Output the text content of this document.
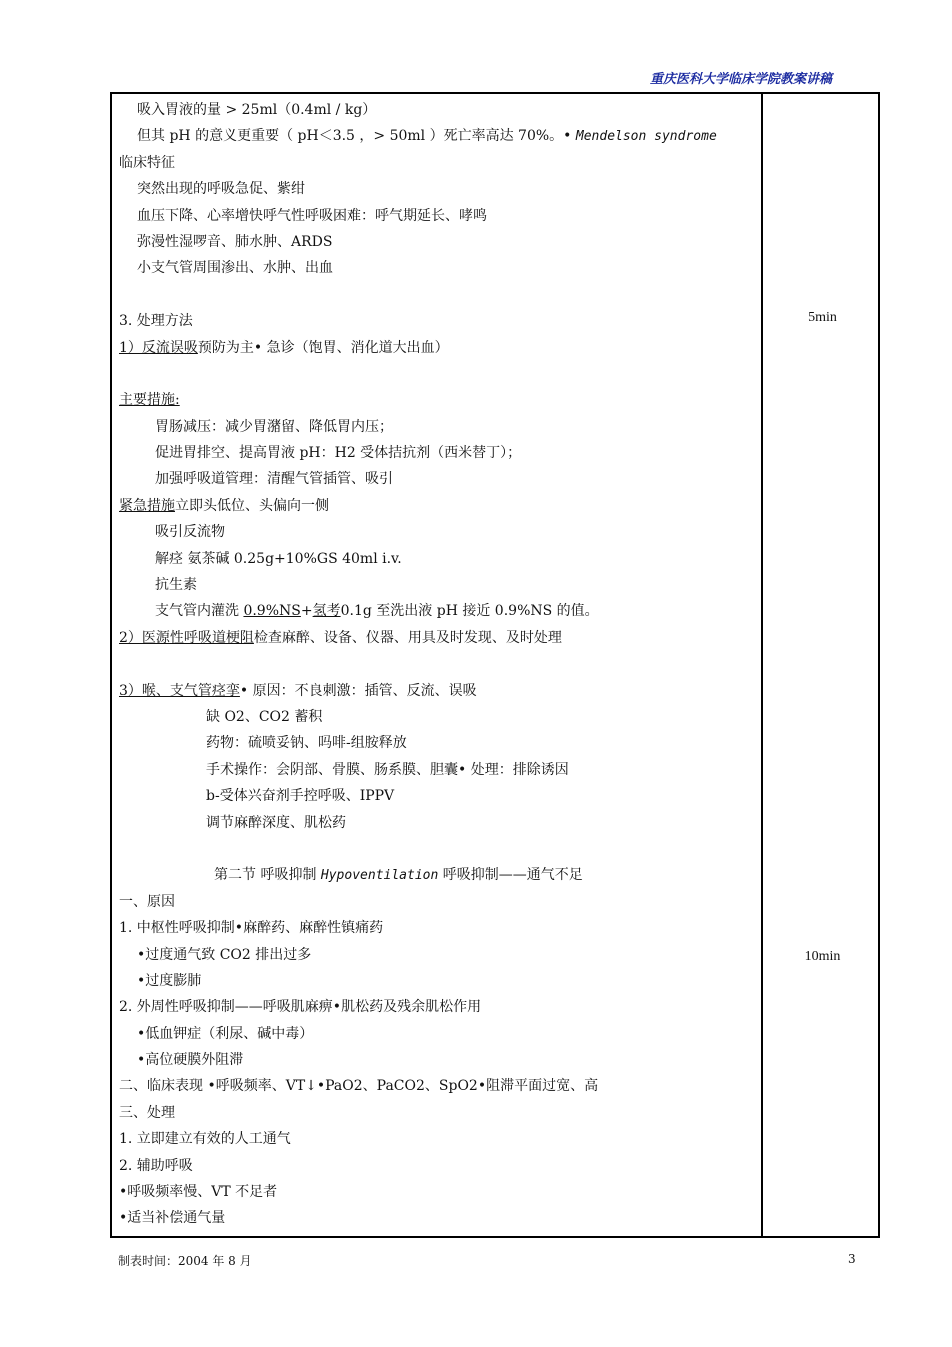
重庆医科大学临床学院教案讲稿
吸入胃液的量 > 25ml（0.4ml / kg）
但其 pH 的意义更重要（ pH＜3.5 ，> 50ml ）死亡率高达 70%。• Mendelson syndrome
临床特征
突然出现的呼吸急促、紫绀
血压下降、心率增快呼气性呼吸困难：呼气期延长、哮鸣
弥漫性湿啰音、肺水肿、ARDS
小支气管周围渗出、水肿、出血
3. 处理方法
1）反流误吸预防为主• 急诊（饱胃、消化道大出血）
主要措施:
胃肠减压：减少胃潴留、降低胃内压；
促进胃排空、提高胃液 pH：H2 受体拮抗剂（西米替丁）；
加强呼吸道管理：清醒气管插管、吸引
紧急措施立即头低位、头偏向一侧
吸引反流物
解痉 氨茶碱 0.25g+10%GS 40ml i.v.
抗生素
支气管内灌洗 0.9%NS+氢考0.1g 至洗出液 pH 接近 0.9%NS 的值。
2）医源性呼吸道梗阻检查麻醉、设备、仪器、用具及时发现、及时处理
3）喉、支气管痉挛• 原因：不良刺激：插管、反流、误吸
缺 O2、CO2 蓄积
药物：硫喷妥钠、吗啡-组胺释放
手术操作：会阴部、骨膜、肠系膜、胆囊• 处理：排除诱因
b-受体兴奋剂手控呼吸、IPPV
调节麻醉深度、肌松药
第二节 呼吸抑制 Hypoventilation 呼吸抑制——通气不足
一、原因
1. 中枢性呼吸抑制•麻醉药、麻醉性镇痛药
•过度通气致 CO2 排出过多
•过度膨肺
2. 外周性呼吸抑制——呼吸肌麻痹•肌松药及残余肌松作用
•低血钾症（利尿、碱中毒）
•高位硬膜外阻滞
二、临床表现 •呼吸频率、VT↓•PaO2、PaCO2、SpO2•阻滞平面过宽、高
三、处理
1. 立即建立有效的人工通气
2. 辅助呼吸
•呼吸频率慢、VT 不足者
•适当补偿通气量
5min
10min
制表时间：2004 年 8 月	3
